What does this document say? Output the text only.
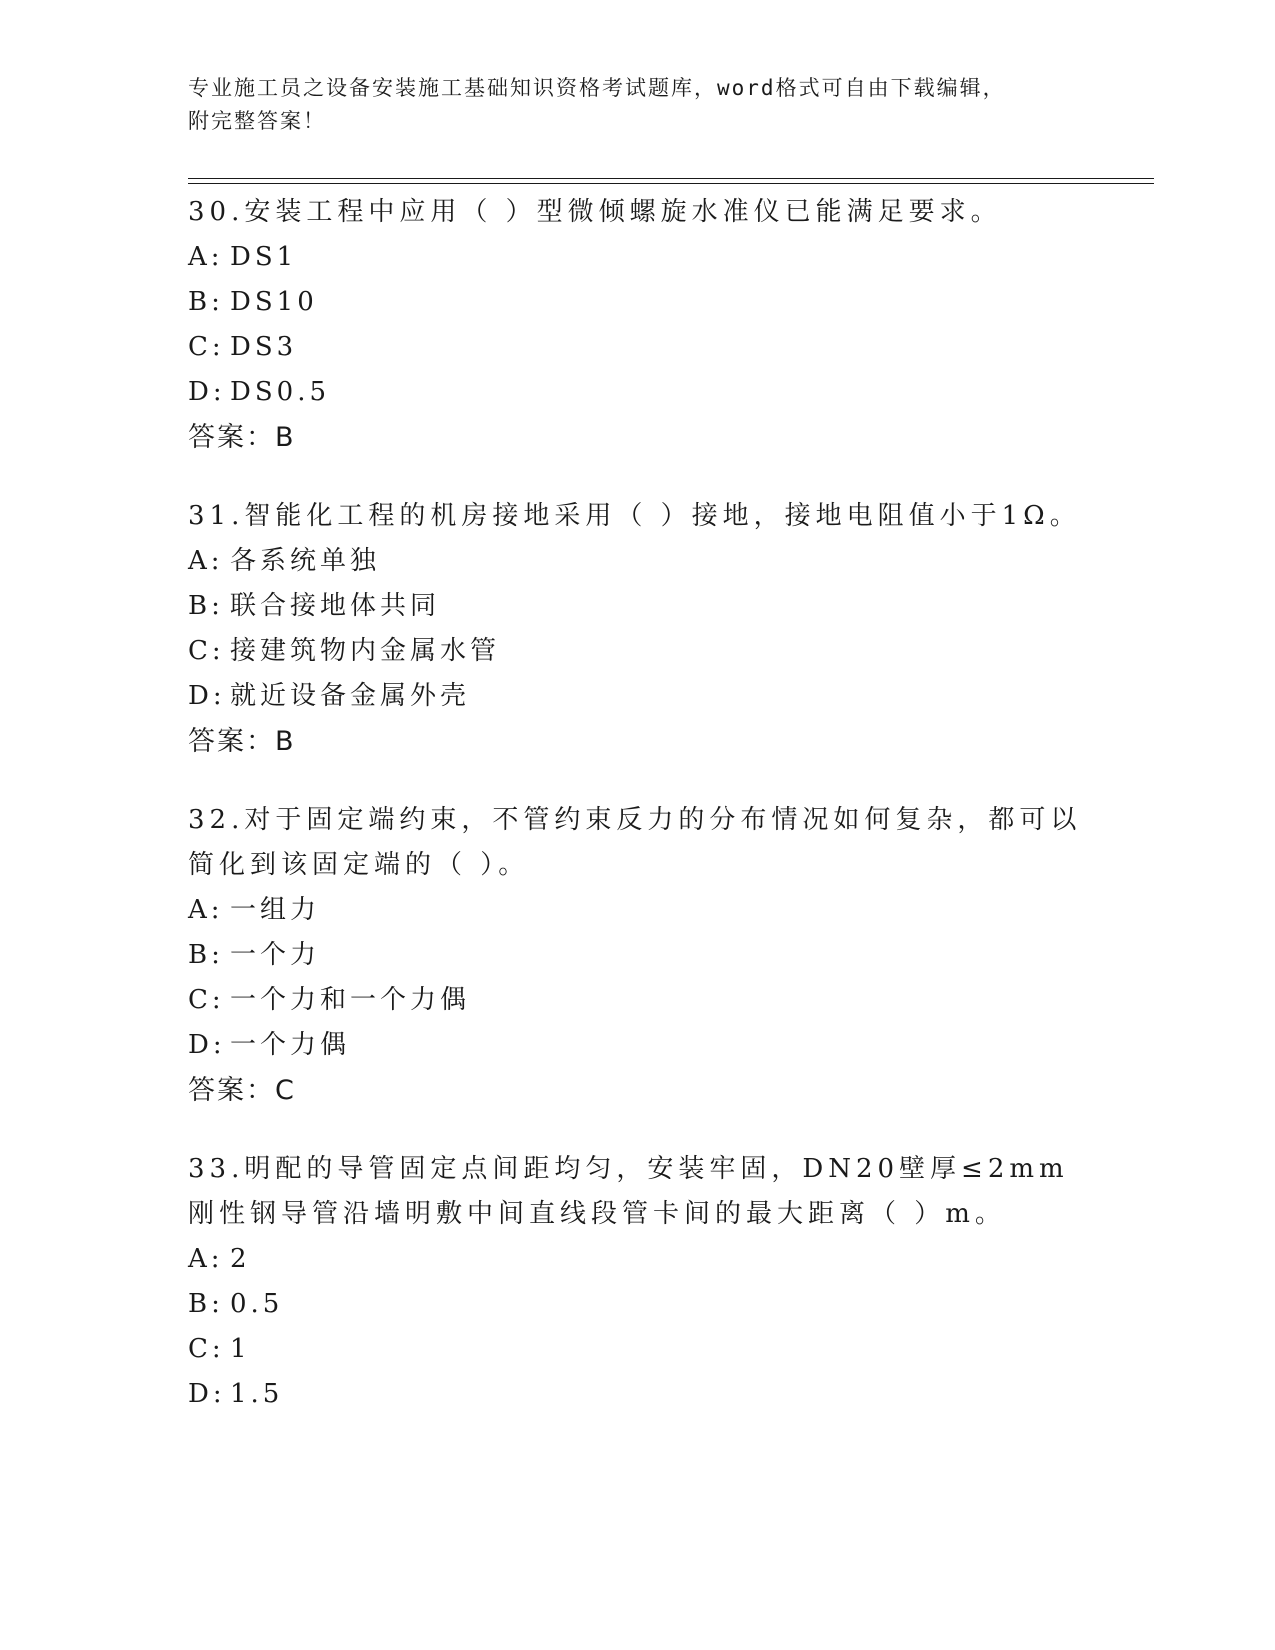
专业施工员之设备安装施工基础知识资格考试题库，word格式可自由下载编辑，
附完整答案！

30.安装工程中应用（ ）型微倾螺旋水准仪已能满足要求。

A: DS1
B: DS10
C: DS3
D: DS0.5
答案：B

31.智能化工程的机房接地采用（ ）接地，接地电阻值小于1Ω。

A: 各系统单独
B: 联合接地体共同
C: 接建筑物内金属水管
D: 就近设备金属外壳
答案：B

32.对于固定端约束，不管约束反力的分布情况如何复杂，都可以简化到该固定端的（ ）。

A: 一组力
B: 一个力
C: 一个力和一个力偶
D: 一个力偶
答案：C

33.明配的导管固定点间距均匀，安装牢固，DN20壁厚≤2mm刚性钢导管沿墙明敷中间直线段管卡间的最大距离（ ）m。

A: 2
B: 0.5
C: 1
D: 1.5
